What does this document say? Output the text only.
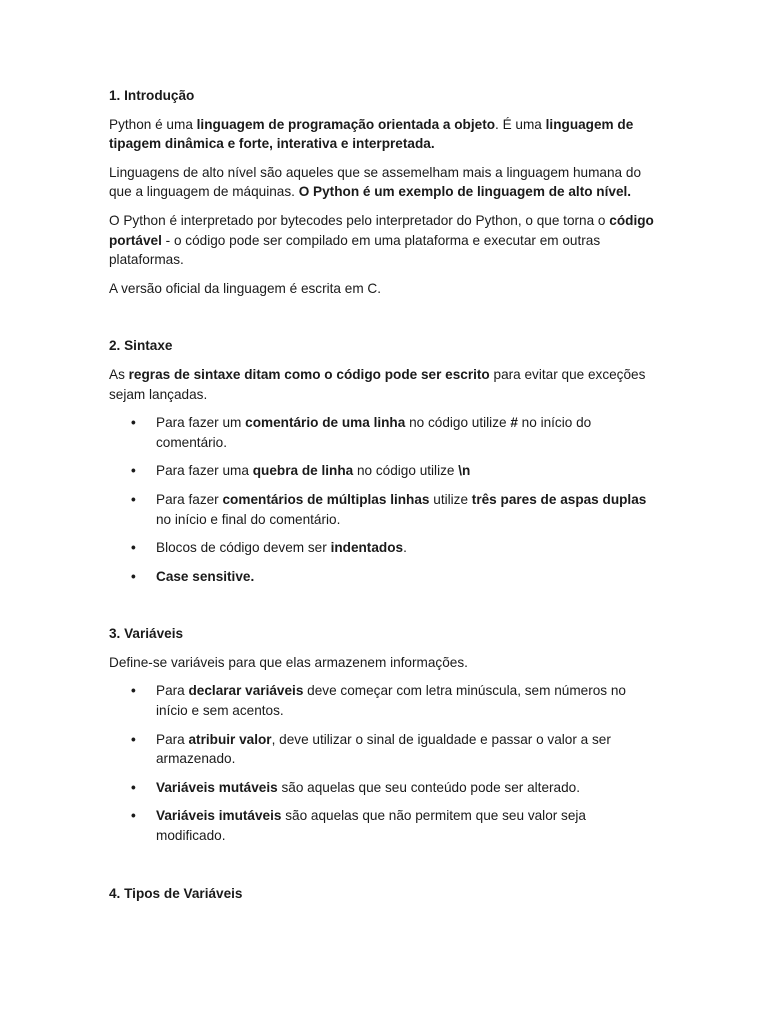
1. Introdução

Python é uma linguagem de programação orientada a objeto. É uma linguagem de tipagem dinâmica e forte, interativa e interpretada.

Linguagens de alto nível são aqueles que se assemelham mais a linguagem humana do que a linguagem de máquinas. O Python é um exemplo de linguagem de alto nível.

O Python é interpretado por bytecodes pelo interpretador do Python, o que torna o código portável - o código pode ser compilado em uma plataforma e executar em outras plataformas.

A versão oficial da linguagem é escrita em C.

2. Sintaxe

As regras de sintaxe ditam como o código pode ser escrito para evitar que exceções sejam lançadas.

• Para fazer um comentário de uma linha no código utilize # no início do comentário.
• Para fazer uma quebra de linha no código utilize \n
• Para fazer comentários de múltiplas linhas utilize três pares de aspas duplas no início e final do comentário.
• Blocos de código devem ser indentados.
• Case sensitive.
3. Variáveis

Define-se variáveis para que elas armazenem informações.

• Para declarar variáveis deve começar com letra minúscula, sem números no início e sem acentos.
• Para atribuir valor, deve utilizar o sinal de igualdade e passar o valor a ser armazenado.
• Variáveis mutáveis são aquelas que seu conteúdo pode ser alterado.
• Variáveis imutáveis são aquelas que não permitem que seu valor seja modificado.
4. Tipos de Variáveis
